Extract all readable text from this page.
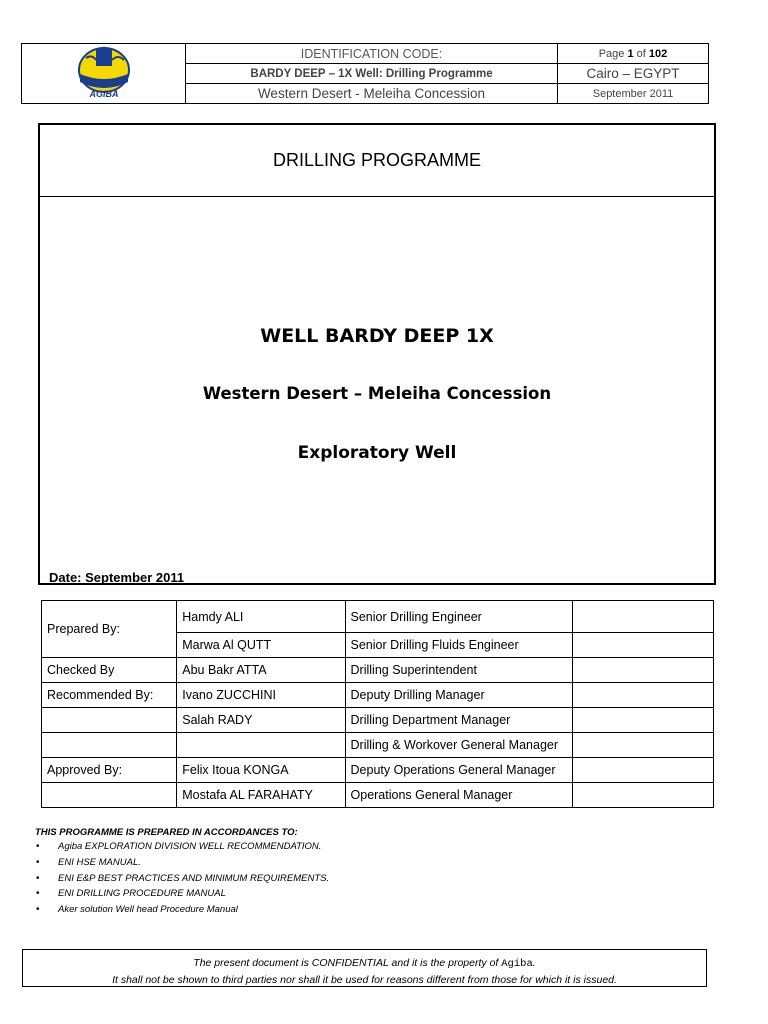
AGIBA	IDENTIFICATION CODE:	Page 1 of 102
	BARDY DEEP – 1X Well: Drilling Programme	Cairo – EGYPT
	Western Desert - Meleiha Concession	September 2011
DRILLING PROGRAMME
WELL BARDY DEEP 1X
Western Desert – Meleiha Concession
Exploratory Well
Date: September 2011
Prepared By:	Hamdy ALI	Senior Drilling Engineer	
	Marwa Al QUTT	Senior Drilling Fluids Engineer	
Checked By	Abu Bakr ATTA	Drilling Superintendent	
Recommended By:	Ivano ZUCCHINI	Deputy Drilling Manager	
	Salah RADY	Drilling Department Manager	
		Drilling & Workover General Manager	
Approved By:	Felix Itoua KONGA	Deputy Operations General Manager	
	Mostafa AL FARAHATY	Operations General Manager	
THIS PROGRAMME IS PREPARED IN ACCORDANCES TO:
• Agiba EXPLORATION DIVISION WELL RECOMMENDATION.
• ENI HSE MANUAL.
• ENI E&P BEST PRACTICES AND MINIMUM REQUIREMENTS.
• ENI DRILLING PROCEDURE MANUAL
• Aker solution Well head Procedure Manual
The present document is CONFIDENTIAL and it is the property of Agiba.
It shall not be shown to third parties nor shall it be used for reasons different from those for which it is issued.
